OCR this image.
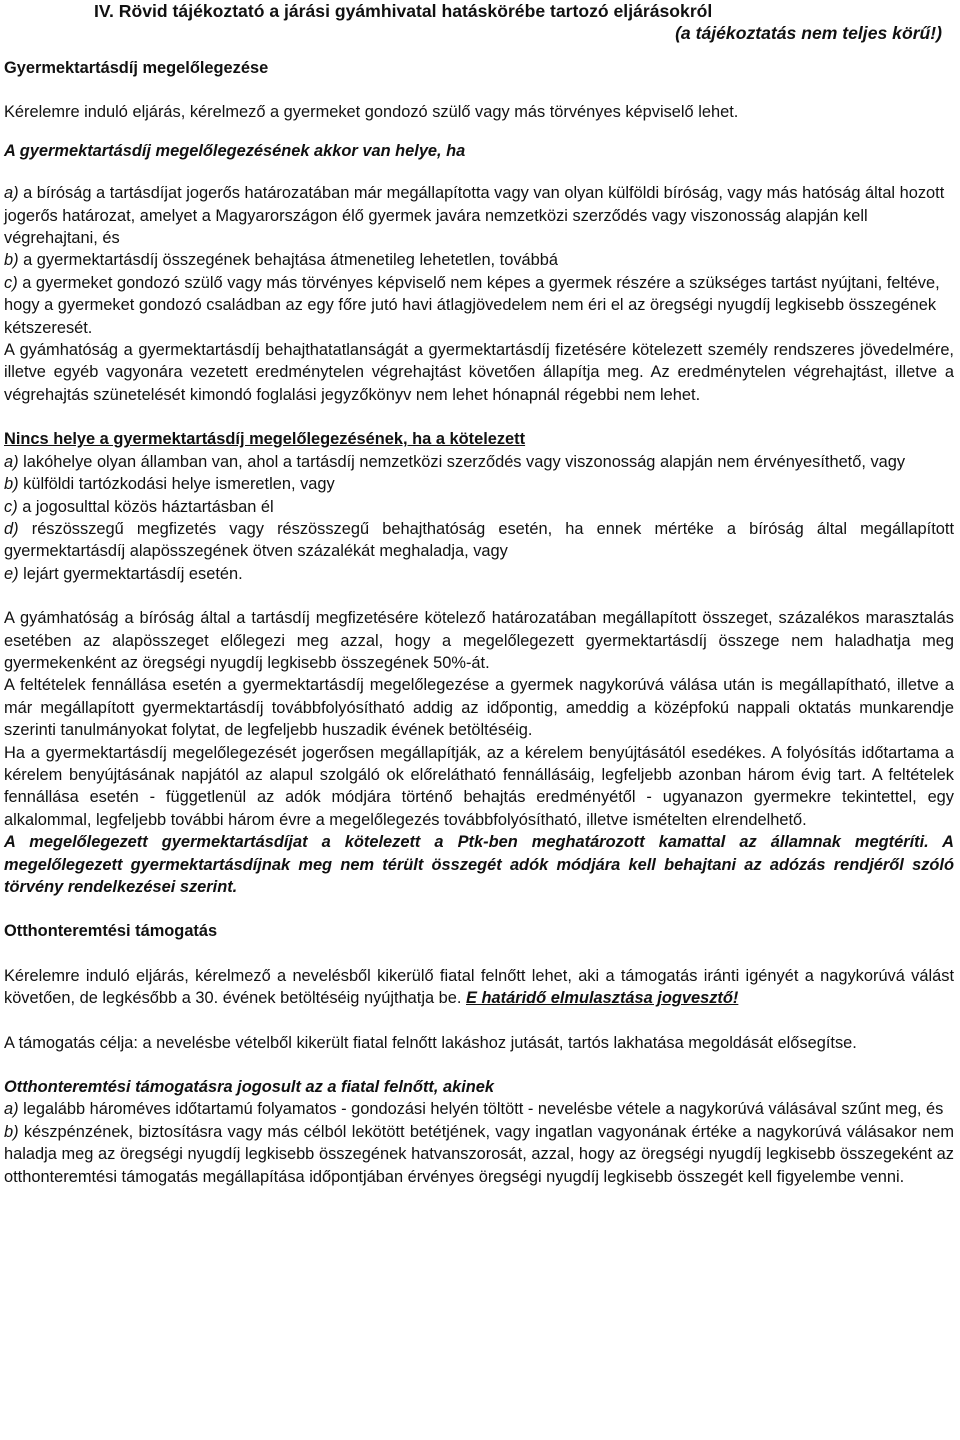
IV. Rövid tájékoztató a járási gyámhivatal hatáskörébe tartozó eljárásokról
(a tájékoztatás nem teljes körű!)

Gyermektartásdíj megelőlegezése

Kérelemre induló eljárás, kérelmező a gyermeket gondozó szülő vagy más törvényes képviselő lehet.

A gyermektartásdíj megelőlegezésének akkor van helye, ha

a) a bíróság a tartásdíjat jogerős határozatában már megállapította vagy van olyan külföldi bíróság, vagy más hatóság által hozott jogerős határozat, amelyet a Magyarországon élő gyermek javára nemzetközi szerződés vagy viszonosság alapján kell végrehajtani, és

b) a gyermektartásdíj összegének behajtása átmenetileg lehetetlen, továbbá

c) a gyermeket gondozó szülő vagy más törvényes képviselő nem képes a gyermek részére a szükséges tartást nyújtani, feltéve, hogy a gyermeket gondozó családban az egy főre jutó havi átlagjövedelem nem éri el az öregségi nyugdíj legkisebb összegének kétszeresét.

A gyámhatóság a gyermektartásdíj behajthatatlanságát a gyermektartásdíj fizetésére kötelezett személy rendszeres jövedelmére, illetve egyéb vagyonára vezetett eredménytelen végrehajtást követően állapítja meg. Az eredménytelen végrehajtást, illetve a végrehajtás szünetelését kimondó foglalási jegyzőkönyv nem lehet hónapnál régebbi nem lehet.

Nincs helye a gyermektartásdíj megelőlegezésének, ha a kötelezett

a) lakóhelye olyan államban van, ahol a tartásdíj nemzetközi szerződés vagy viszonosság alapján nem érvényesíthető, vagy

b) külföldi tartózkodási helye ismeretlen, vagy

c) a jogosulttal közös háztartásban él

d) részösszegű megfizetés vagy részösszegű behajthatóság esetén, ha ennek mértéke a bíróság által megállapított gyermektartásdíj alapösszegének ötven százalékát meghaladja, vagy

e) lejárt gyermektartásdíj esetén.

A gyámhatóság a bíróság által a tartásdíj megfizetésére kötelező határozatában megállapított összeget, százalékos marasztalás esetében az alapösszeget előlegezi meg azzal, hogy a megelőlegezett gyermektartásdíj összege nem haladhatja meg gyermekenként az öregségi nyugdíj legkisebb összegének 50%-át.

A feltételek fennállása esetén a gyermektartásdíj megelőlegezése a gyermek nagykorúvá válása után is megállapítható, illetve a már megállapított gyermektartásdíj továbbfolyósítható addig az időpontig, ameddig a középfokú nappali oktatás munkarendje szerinti tanulmányokat folytat, de legfeljebb huszadik évének betöltéséig.

Ha a gyermektartásdíj megelőlegezését jogerősen megállapítják, az a kérelem benyújtásától esedékes. A folyósítás időtartama a kérelem benyújtásának napjától az alapul szolgáló ok előrelátható fennállásáig, legfeljebb azonban három évig tart. A feltételek fennállása esetén - függetlenül az adók módjára történő behajtás eredményétől - ugyanazon gyermekre tekintettel, egy alkalommal, legfeljebb további három évre a megelőlegezés továbbfolyósítható, illetve ismételten elrendelhető.

A megelőlegezett gyermektartásdíjat a kötelezett a Ptk-ben meghatározott kamattal az államnak megtéríti. A megelőlegezett gyermektartásdíjnak meg nem térült összegét adók módjára kell behajtani az adózás rendjéről szóló törvény rendelkezései szerint.

Otthonteremtési támogatás

Kérelemre induló eljárás, kérelmező a nevelésből kikerülő fiatal felnőtt lehet, aki a támogatás iránti igényét a nagykorúvá válást követően, de legkésőbb a 30. évének betöltéséig nyújthatja be. E határidő elmulasztása jogvesztő!

A támogatás célja: a nevelésbe vételből kikerült fiatal felnőtt lakáshoz jutását, tartós lakhatása megoldását elősegítse.

Otthonteremtési támogatásra jogosult az a fiatal felnőtt, akinek

a) legalább hároméves időtartamú folyamatos - gondozási helyén töltött - nevelésbe vétele a nagykorúvá válásával szűnt meg, és

b) készpénzének, biztosításra vagy más célból lekötött betétjének, vagy ingatlan vagyonának értéke a nagykorúvá válásakor nem haladja meg az öregségi nyugdíj legkisebb összegének hatvanszorosát, azzal, hogy az öregségi nyugdíj legkisebb összegeként az otthonteremtési támogatás megállapítása időpontjában érvényes öregségi nyugdíj legkisebb összegét kell figyelembe venni.
